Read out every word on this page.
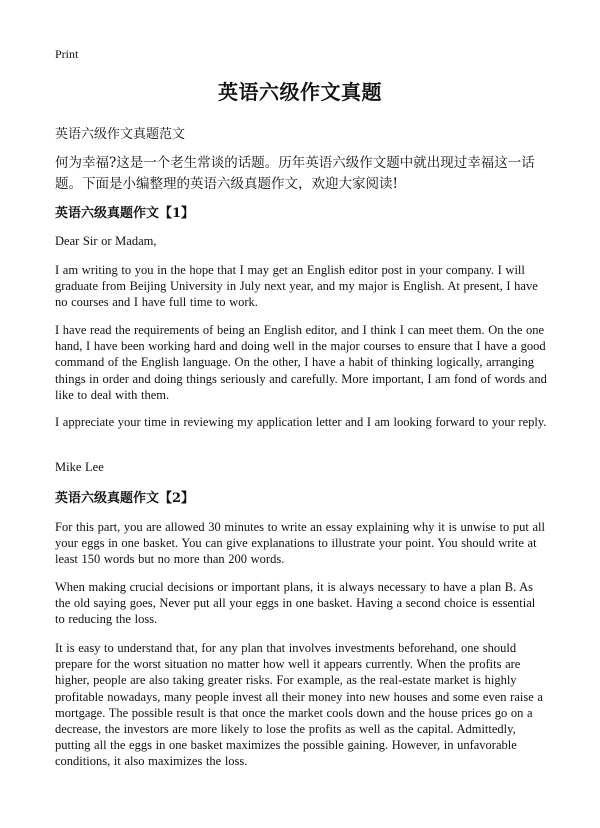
Print
英语六级作文真题
英语六级作文真题范文
何为幸福?这是一个老生常谈的话题。历年英语六级作文题中就出现过幸福这一话题。下面是小编整理的英语六级真题作文，欢迎大家阅读!
英语六级真题作文【1】
Dear Sir or Madam,
I am writing to you in the hope that I may get an English editor post in your company. I will graduate from Beijing University in July next year, and my major is English. At present, I have no courses and I have full time to work.
I have read the requirements of being an English editor, and I think I can meet them. On the one hand, I have been working hard and doing well in the major courses to ensure that I have a good command of the English language. On the other, I have a habit of thinking logically, arranging things in order and doing things seriously and carefully. More important, I am fond of words and like to deal with them.
I appreciate your time in reviewing my application letter and I am looking forward to your reply.
Mike Lee
英语六级真题作文【2】
For this part, you are allowed 30 minutes to write an essay explaining why it is unwise to put all your eggs in one basket. You can give explanations to illustrate your point. You should write at least 150 words but no more than 200 words.
When making crucial decisions or important plans, it is always necessary to have a plan B. As the old saying goes, Never put all your eggs in one basket. Having a second choice is essential to reducing the loss.
It is easy to understand that, for any plan that involves investments beforehand, one should prepare for the worst situation no matter how well it appears currently. When the profits are higher, people are also taking greater risks. For example, as the real-estate market is highly profitable nowadays, many people invest all their money into new houses and some even raise a mortgage. The possible result is that once the market cools down and the house prices go on a decrease, the investors are more likely to lose the profits as well as the capital. Admittedly, putting all the eggs in one basket maximizes the possible gaining. However, in unfavorable conditions, it also maximizes the loss.
